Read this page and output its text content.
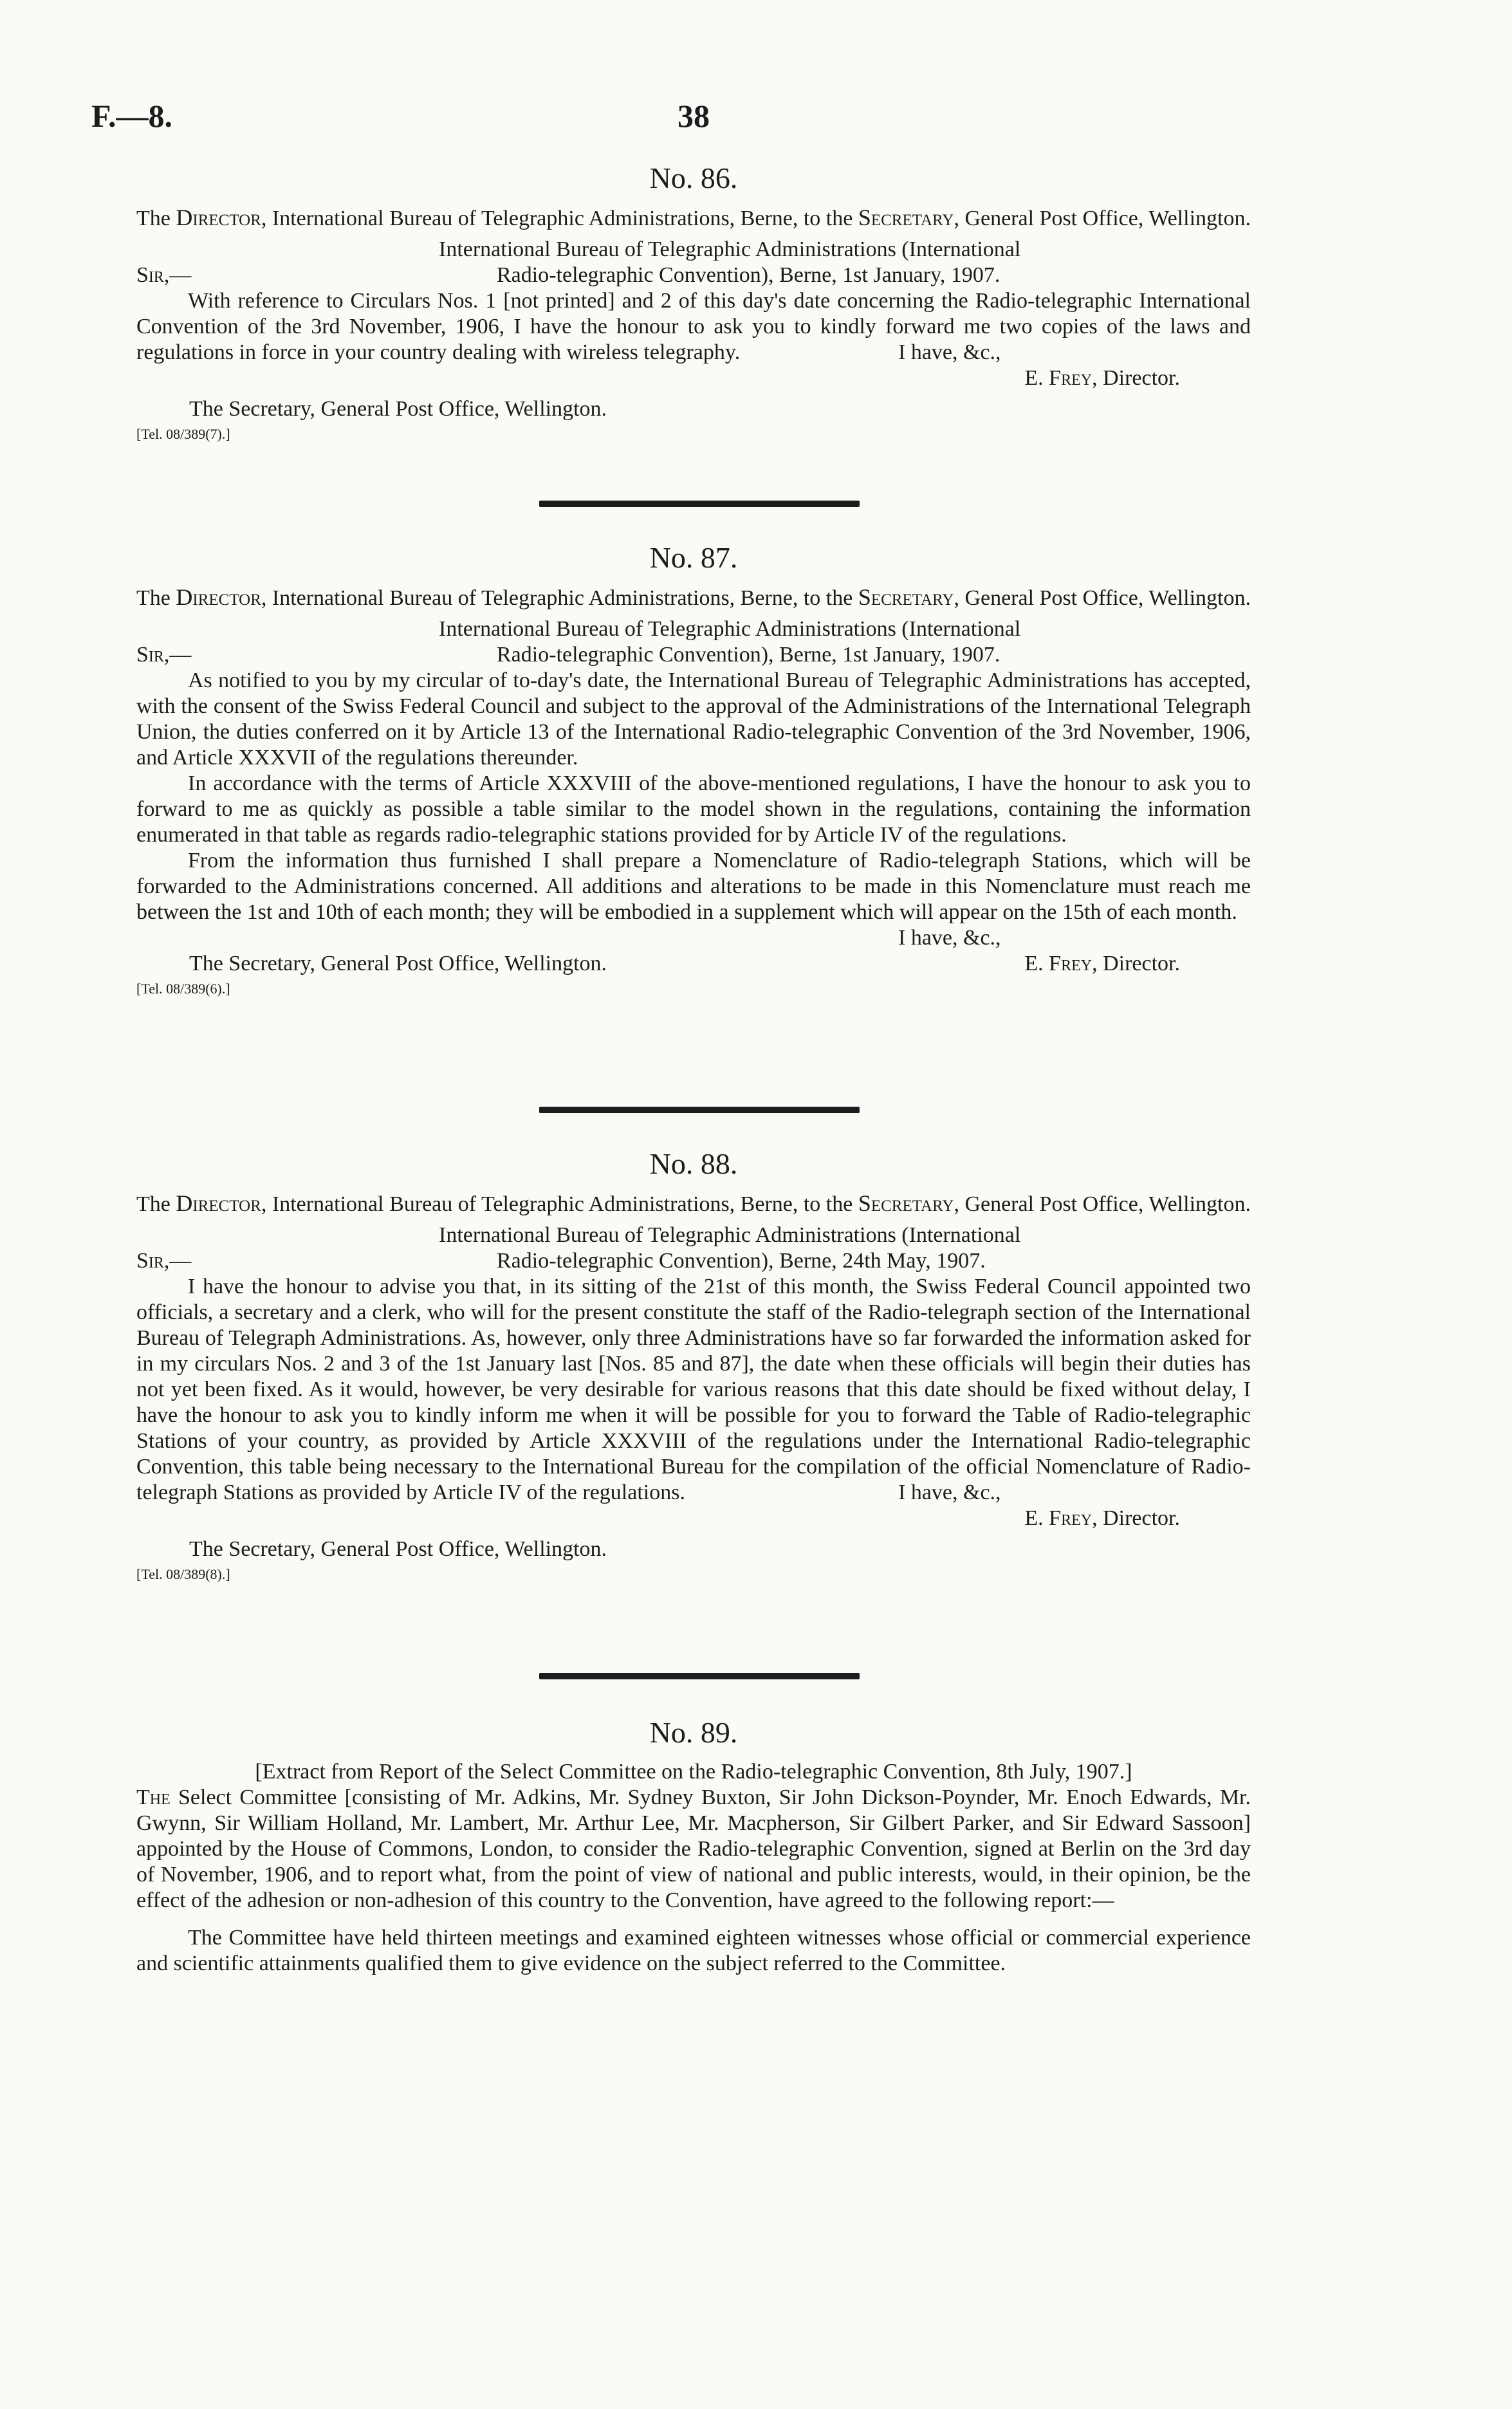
F.—8.	38
No. 86.
The Director, International Bureau of Telegraphic Administrations, Berne, to the Secretary, General Post Office, Wellington.
International Bureau of Telegraphic Administrations (International
Sir,—	Radio-telegraphic Convention), Berne, 1st January, 1907.

With reference to Circulars Nos. 1 [not printed] and 2 of this day's date concerning the Radio-telegraphic International Convention of the 3rd November, 1906, I have the honour to ask you to kindly forward me two copies of the laws and regulations in force in your country dealing with wireless telegraphy.	I have, &c.,
E. Frey, Director.
The Secretary, General Post Office, Wellington.
[Tel. 08/389(7).]
No. 87.
The Director, International Bureau of Telegraphic Administrations, Berne, to the Secretary, General Post Office, Wellington.
International Bureau of Telegraphic Administrations (International
Sir,—	Radio-telegraphic Convention), Berne, 1st January, 1907.

As notified to you by my circular of to-day's date, the International Bureau of Telegraphic Administrations has accepted, with the consent of the Swiss Federal Council and subject to the approval of the Administrations of the International Telegraph Union, the duties conferred on it by Article 13 of the International Radio-telegraphic Convention of the 3rd November, 1906, and Article XXXVII of the regulations thereunder.

In accordance with the terms of Article XXXVIII of the above-mentioned regulations, I have the honour to ask you to forward to me as quickly as possible a table similar to the model shown in the regulations, containing the information enumerated in that table as regards radio-telegraphic stations provided for by Article IV of the regulations.

From the information thus furnished I shall prepare a Nomenclature of Radio-telegraph Stations, which will be forwarded to the Administrations concerned. All additions and alterations to be made in this Nomenclature must reach me between the 1st and 10th of each month; they will be embodied in a supplement which will appear on the 15th of each month.

I have, &c.,
The Secretary, General Post Office, Wellington.	E. Frey, Director.
[Tel. 08/389(6).]
No. 88.
The Director, International Bureau of Telegraphic Administrations, Berne, to the Secretary, General Post Office, Wellington.
International Bureau of Telegraphic Administrations (International
Sir,—	Radio-telegraphic Convention), Berne, 24th May, 1907.

I have the honour to advise you that, in its sitting of the 21st of this month, the Swiss Federal Council appointed two officials, a secretary and a clerk, who will for the present constitute the staff of the Radio-telegraph section of the International Bureau of Telegraph Administrations. As, however, only three Administrations have so far forwarded the information asked for in my circulars Nos. 2 and 3 of the 1st January last [Nos. 85 and 87], the date when these officials will begin their duties has not yet been fixed. As it would, however, be very desirable for various reasons that this date should be fixed without delay, I have the honour to ask you to kindly inform me when it will be possible for you to forward the Table of Radio-telegraphic Stations of your country, as provided by Article XXXVIII of the regulations under the International Radio-telegraphic Convention, this table being necessary to the International Bureau for the compilation of the official Nomenclature of Radio-telegraph Stations as provided by Article IV of the regulations.	I have, &c.,
E. Frey, Director.
The Secretary, General Post Office, Wellington.
[Tel. 08/389(8).]
No. 89.
[Extract from Report of the Select Committee on the Radio-telegraphic Convention, 8th July, 1907.]

The Select Committee [consisting of Mr. Adkins, Mr. Sydney Buxton, Sir John Dickson-Poynder, Mr. Enoch Edwards, Mr. Gwynn, Sir William Holland, Mr. Lambert, Mr. Arthur Lee, Mr. Macpherson, Sir Gilbert Parker, and Sir Edward Sassoon] appointed by the House of Commons, London, to consider the Radio-telegraphic Convention, signed at Berlin on the 3rd day of November, 1906, and to report what, from the point of view of national and public interests, would, in their opinion, be the effect of the adhesion or non-adhesion of this country to the Convention, have agreed to the following report:—

The Committee have held thirteen meetings and examined eighteen witnesses whose official or commercial experience and scientific attainments qualified them to give evidence on the subject referred to the Committee.
